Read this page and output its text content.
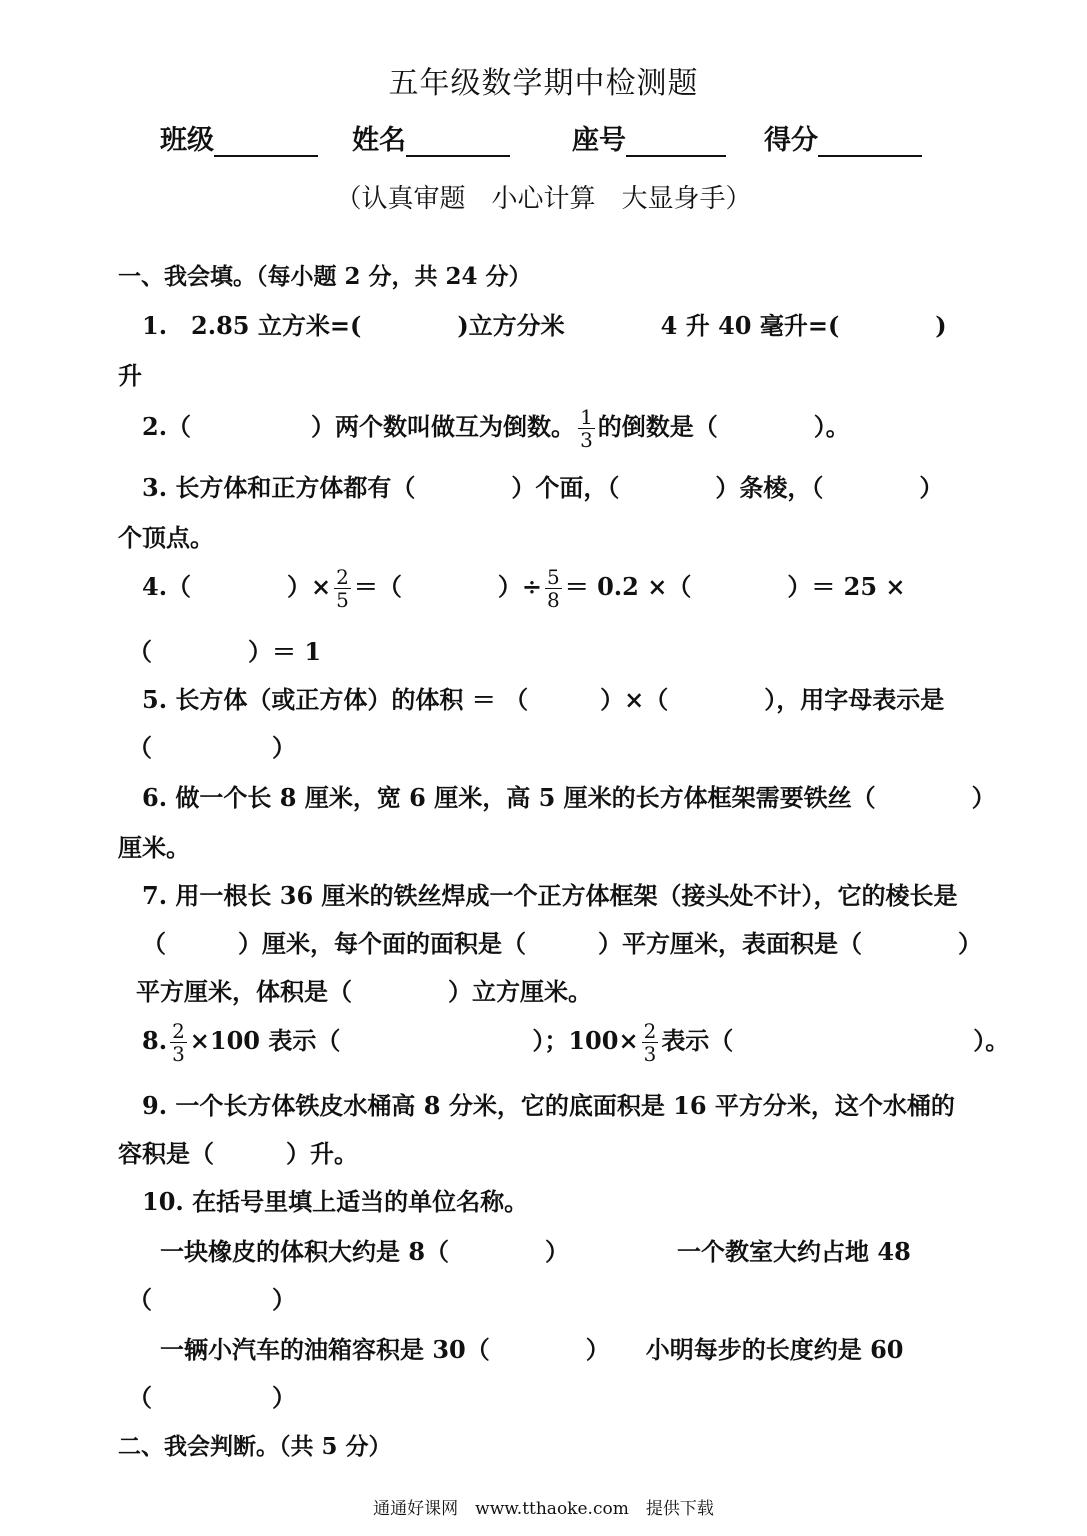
五年级数学期中检测题
班级	姓名	座号	得分
（认真审题　小心计算　大显身手）
一、我会填。（每小题 2 分，共 24 分）
1.　2.85 立方米=(　　　　)立方分米　　　　4 升 40 毫升=(　　　　)
升
2.（　　　　　）两个数叫做互为倒数。 $\frac{1}{3}$ 的倒数是（　　　　）。
3. 长方体和正方体都有（　　　　）个面，（　　　　）条棱，（　　　　）
个顶点。
4.（　　　　）× $\frac{2}{5}$ ＝（　　　　）÷ $\frac{5}{8} = 0.2$ ×（　　　　）＝ 25 ×
（　　　　）＝ 1
5. 长方体（或正方体）的体积 ＝ （　　　）×（　　　　），用字母表示是
（　　　　　）
6. 做一个长 8 厘米，宽 6 厘米，高 5 厘米的长方体框架需要铁丝（　　　　）
厘米。
7. 用一根长 36 厘米的铁丝焊成一个正方体框架（接头处不计），它的棱长是
（　　　）厘米，每个面的面积是（　　　）平方厘米，表面积是（　　　　）
平方厘米，体积是（　　　　）立方厘米。
8. $\frac{2}{3} \times 100$ 表示（　　　　　　　　）；$100\times \frac{2}{3}$ 表示（　　　　　　　　　　）。
9. 一个长方体铁皮水桶高 8 分米，它的底面积是 16 平方分米，这个水桶的
容积是（　　　）升。
10. 在括号里填上适当的单位名称。
一块橡皮的体积大约是 8（　　　　）　　　　　一个教室大约占地 48
（　　　　　）
一辆小汽车的油箱容积是 30（　　　　）　　小明每步的长度约是 60
（　　　　　）
二、我会判断。（共 5 分）
通通好课网　www.tthaoke.com　提供下载
